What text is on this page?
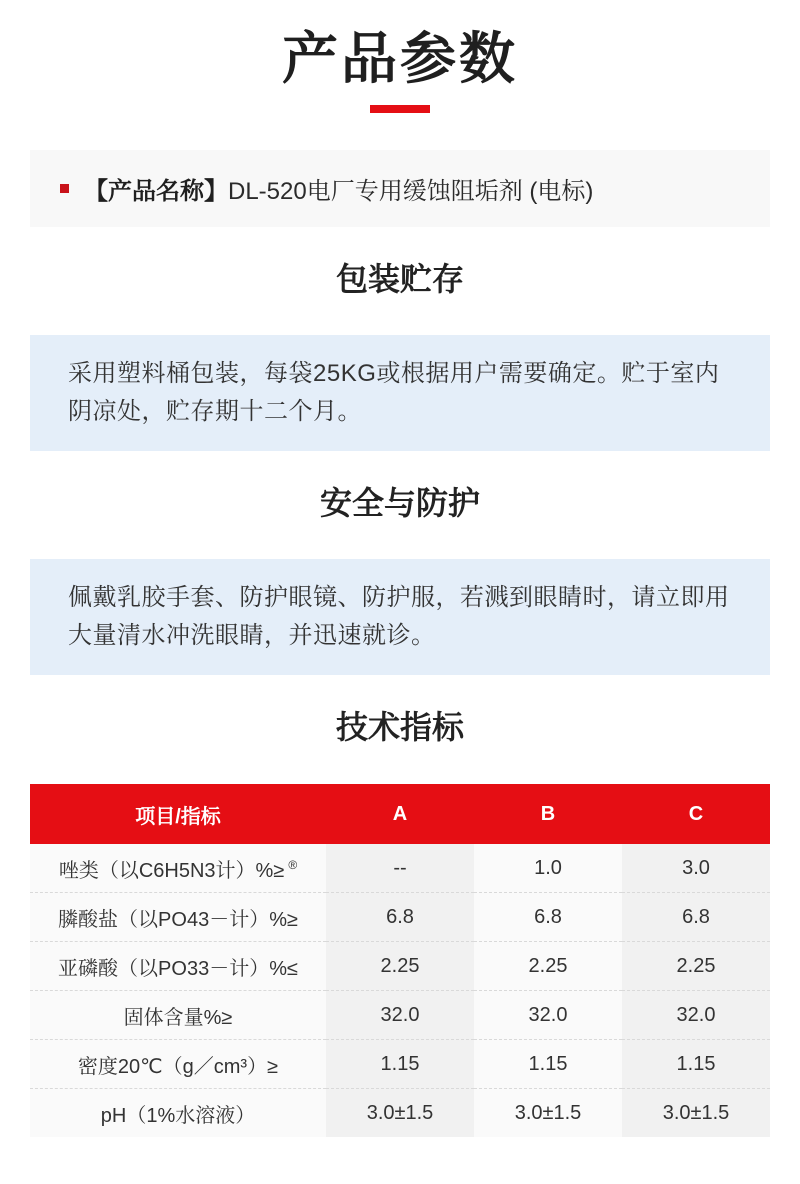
产品参数

【产品名称】DL-520电厂专用缓蚀阻垢剂 (电标)

包装贮存

采用塑料桶包装，每袋25KG或根据用户需要确定。贮于室内阴凉处，贮存期十二个月。

安全与防护

佩戴乳胶手套、防护眼镜、防护服，若溅到眼睛时，请立即用大量清水冲洗眼睛，并迅速就诊。

技术指标
项目/指标	A	B	C
唑类（以C6H5N3计）%≥ ®	--	1.0	3.0
膦酸盐（以PO43－计）%≥	6.8	6.8	6.8
亚磷酸（以PO33－计）%≤	2.25	2.25	2.25
固体含量%≥	32.0	32.0	32.0
密度20℃（g／cm³）≥	1.15	1.15	1.15
pH（1%水溶液）	3.0±1.5	3.0±1.5	3.0±1.5
